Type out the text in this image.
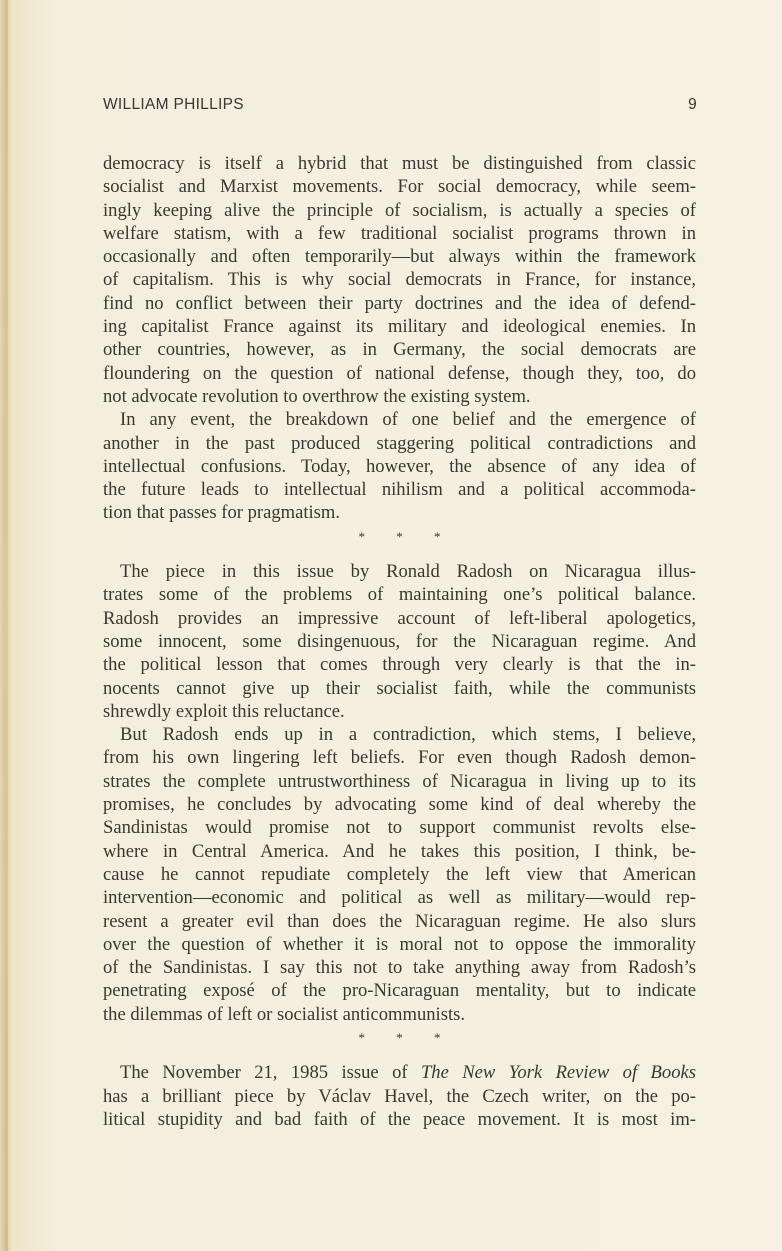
WILLIAM PHILLIPS	9
democracy is itself a hybrid that must be distinguished from classic
socialist and Marxist movements. For social democracy, while seem-
ingly keeping alive the principle of socialism, is actually a species of
welfare statism, with a few traditional socialist programs thrown in
occasionally and often temporarily—but always within the framework
of capitalism. This is why social democrats in France, for instance,
find no conflict between their party doctrines and the idea of defend-
ing capitalist France against its military and ideological enemies. In
other countries, however, as in Germany, the social democrats are
floundering on the question of national defense, though they, too, do
not advocate revolution to overthrow the existing system.
In any event, the breakdown of one belief and the emergence of
another in the past produced staggering political contradictions and
intellectual confusions. Today, however, the absence of any idea of
the future leads to intellectual nihilism and a political accommoda-
tion that passes for pragmatism.
* * *
The piece in this issue by Ronald Radosh on Nicaragua illus-
trates some of the problems of maintaining one’s political balance.
Radosh provides an impressive account of left-liberal apologetics,
some innocent, some disingenuous, for the Nicaraguan regime. And
the political lesson that comes through very clearly is that the in-
nocents cannot give up their socialist faith, while the communists
shrewdly exploit this reluctance.
But Radosh ends up in a contradiction, which stems, I believe,
from his own lingering left beliefs. For even though Radosh demon-
strates the complete untrustworthiness of Nicaragua in living up to its
promises, he concludes by advocating some kind of deal whereby the
Sandinistas would promise not to support communist revolts else-
where in Central America. And he takes this position, I think, be-
cause he cannot repudiate completely the left view that American
intervention—economic and political as well as military—would rep-
resent a greater evil than does the Nicaraguan regime. He also slurs
over the question of whether it is moral not to oppose the immorality
of the Sandinistas. I say this not to take anything away from Radosh’s
penetrating exposé of the pro-Nicaraguan mentality, but to indicate
the dilemmas of left or socialist anticommunists.
* * *
The November 21, 1985 issue of The New York Review of Books
has a brilliant piece by Václav Havel, the Czech writer, on the po-
litical stupidity and bad faith of the peace movement. It is most im-
